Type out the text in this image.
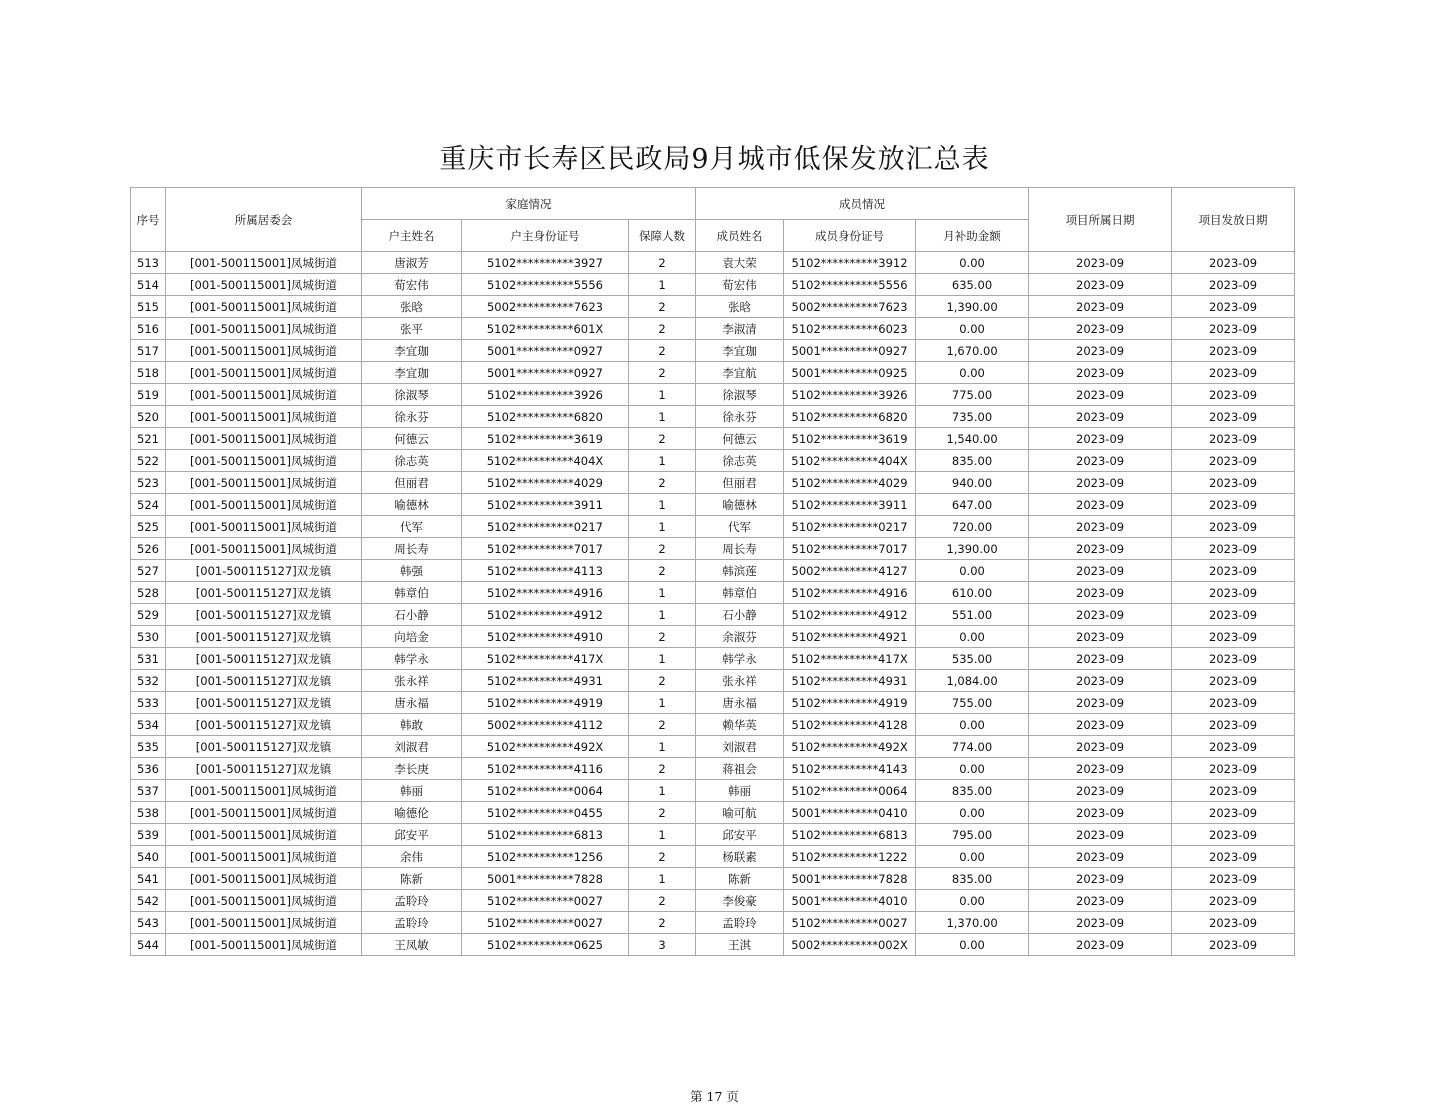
重庆市长寿区民政局9月城市低保发放汇总表
序号	所属居委会	家庭情况			成员情况			项目所属日期	项目发放日期
		户主姓名	户主身份证号	保障人数	成员姓名	成员身份证号	月补助金额		
513	[001-500115001]凤城街道	唐淑芳	5102**********3927	2	袁大荣	5102**********3912	0.00	2023-09	2023-09
514	[001-500115001]凤城街道	荀宏伟	5102**********5556	1	荀宏伟	5102**********5556	635.00	2023-09	2023-09
515	[001-500115001]凤城街道	张晗	5002**********7623	2	张晗	5002**********7623	1,390.00	2023-09	2023-09
516	[001-500115001]凤城街道	张平	5102**********601X	2	李淑清	5102**********6023	0.00	2023-09	2023-09
517	[001-500115001]凤城街道	李宜珈	5001**********0927	2	李宜珈	5001**********0927	1,670.00	2023-09	2023-09
518	[001-500115001]凤城街道	李宜珈	5001**********0927	2	李宜航	5001**********0925	0.00	2023-09	2023-09
519	[001-500115001]凤城街道	徐淑琴	5102**********3926	1	徐淑琴	5102**********3926	775.00	2023-09	2023-09
520	[001-500115001]凤城街道	徐永芬	5102**********6820	1	徐永芬	5102**********6820	735.00	2023-09	2023-09
521	[001-500115001]凤城街道	何德云	5102**********3619	2	何德云	5102**********3619	1,540.00	2023-09	2023-09
522	[001-500115001]凤城街道	徐志英	5102**********404X	1	徐志英	5102**********404X	835.00	2023-09	2023-09
523	[001-500115001]凤城街道	但丽君	5102**********4029	2	但丽君	5102**********4029	940.00	2023-09	2023-09
524	[001-500115001]凤城街道	喻德林	5102**********3911	1	喻德林	5102**********3911	647.00	2023-09	2023-09
525	[001-500115001]凤城街道	代军	5102**********0217	1	代军	5102**********0217	720.00	2023-09	2023-09
526	[001-500115001]凤城街道	周长寿	5102**********7017	2	周长寿	5102**********7017	1,390.00	2023-09	2023-09
527	[001-500115127]双龙镇	韩强	5102**********4113	2	韩滨莲	5002**********4127	0.00	2023-09	2023-09
528	[001-500115127]双龙镇	韩章伯	5102**********4916	1	韩章伯	5102**********4916	610.00	2023-09	2023-09
529	[001-500115127]双龙镇	石小静	5102**********4912	1	石小静	5102**********4912	551.00	2023-09	2023-09
530	[001-500115127]双龙镇	向培金	5102**********4910	2	余淑芬	5102**********4921	0.00	2023-09	2023-09
531	[001-500115127]双龙镇	韩学永	5102**********417X	1	韩学永	5102**********417X	535.00	2023-09	2023-09
532	[001-500115127]双龙镇	张永祥	5102**********4931	2	张永祥	5102**********4931	1,084.00	2023-09	2023-09
533	[001-500115127]双龙镇	唐永福	5102**********4919	1	唐永福	5102**********4919	755.00	2023-09	2023-09
534	[001-500115127]双龙镇	韩敢	5002**********4112	2	赖华英	5102**********4128	0.00	2023-09	2023-09
535	[001-500115127]双龙镇	刘淑君	5102**********492X	1	刘淑君	5102**********492X	774.00	2023-09	2023-09
536	[001-500115127]双龙镇	李长庚	5102**********4116	2	蒋祖会	5102**********4143	0.00	2023-09	2023-09
537	[001-500115001]凤城街道	韩丽	5102**********0064	1	韩丽	5102**********0064	835.00	2023-09	2023-09
538	[001-500115001]凤城街道	喻德伦	5102**********0455	2	喻可航	5001**********0410	0.00	2023-09	2023-09
539	[001-500115001]凤城街道	邱安平	5102**********6813	1	邱安平	5102**********6813	795.00	2023-09	2023-09
540	[001-500115001]凤城街道	余伟	5102**********1256	2	杨联素	5102**********1222	0.00	2023-09	2023-09
541	[001-500115001]凤城街道	陈新	5001**********7828	1	陈新	5001**********7828	835.00	2023-09	2023-09
542	[001-500115001]凤城街道	孟聆玲	5102**********0027	2	李俊豪	5001**********4010	0.00	2023-09	2023-09
543	[001-500115001]凤城街道	孟聆玲	5102**********0027	2	孟聆玲	5102**********0027	1,370.00	2023-09	2023-09
544	[001-500115001]凤城街道	王凤敏	5102**********0625	3	王淇	5002**********002X	0.00	2023-09	2023-09
第 17 页
